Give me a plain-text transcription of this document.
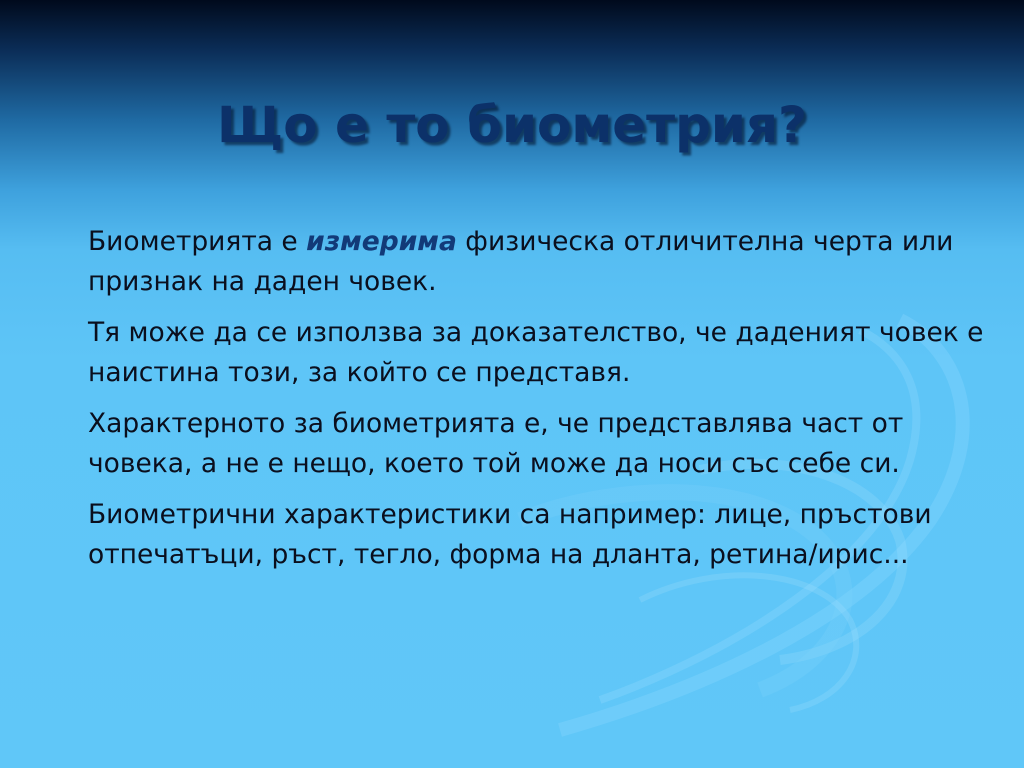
Що е то биометрия?

Биометрията е измерима физическа отличителна черта или признак на даден човек.

Тя може да се използва за доказателство, че даденият човек е наистина този, за който се представя.

Характерното за биометрията е, че представлява част от човека, а не е нещо, което той може да носи със себе си.

Биометрични характеристики са например: лице, пръстови отпечатъци, ръст, тегло, форма на дланта, ретина/ирис...
